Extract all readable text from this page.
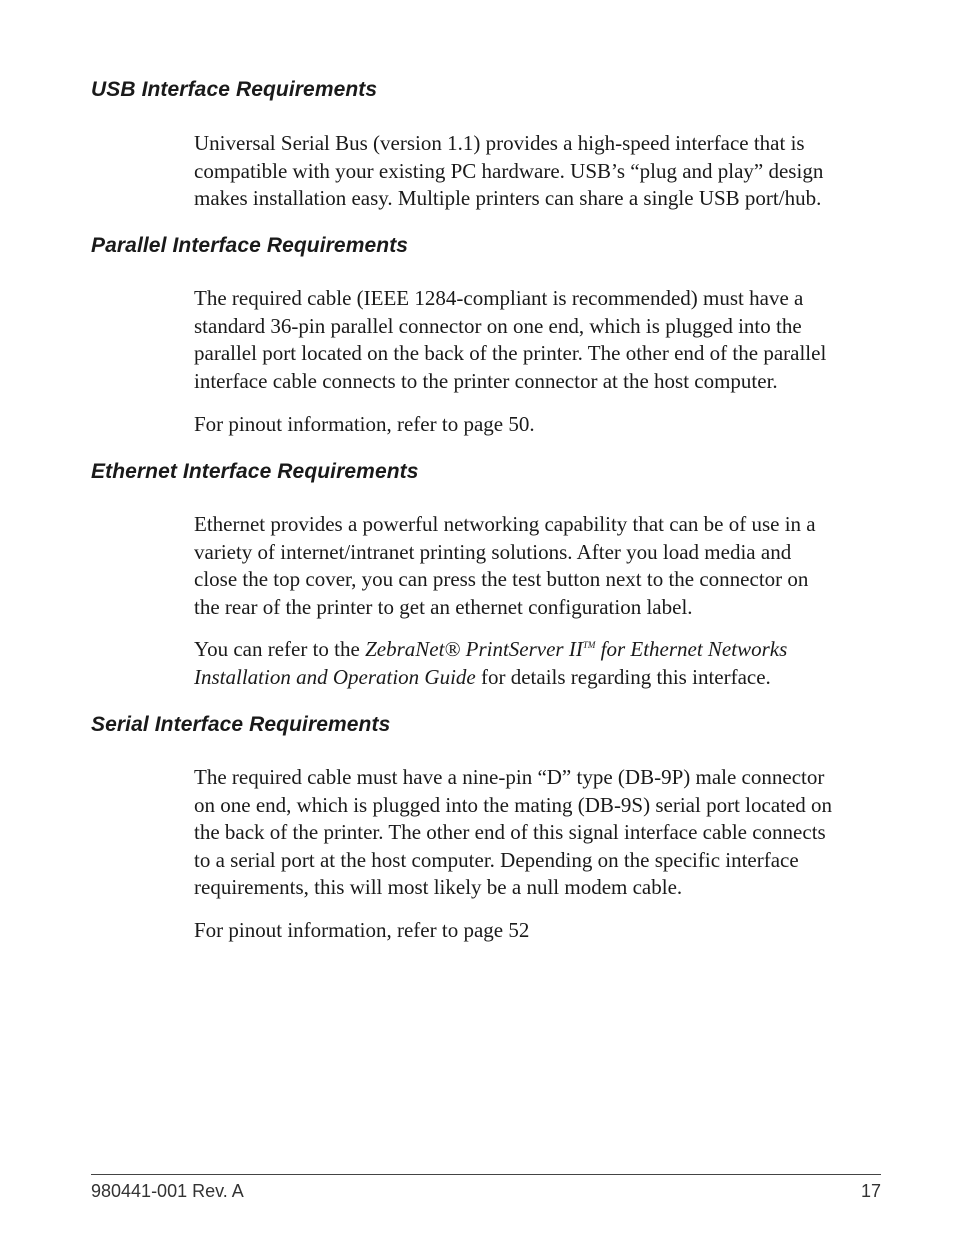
USB Interface Requirements

Universal Serial Bus (version 1.1) provides a high-speed interface that is
compatible with your existing PC hardware. USB’s “plug and play” design
makes installation easy. Multiple printers can share a single USB port/hub.

Parallel Interface Requirements

The required cable (IEEE 1284-compliant is recommended) must have a
standard 36-pin parallel connector on one end, which is plugged into the
parallel port located on the back of the printer. The other end of the parallel
interface cable connects to the printer connector at the host computer.

For pinout information, refer to page 50.

Ethernet Interface Requirements

Ethernet provides a powerful networking capability that can be of use in a
variety of internet/intranet printing solutions. After you load media and
close the top cover, you can press the test button next to the connector on
the rear of the printer to get an ethernet configuration label.

You can refer to the ZebraNet® PrintServer II™ for Ethernet Networks
Installation and Operation Guide for details regarding this interface.

Serial Interface Requirements

The required cable must have a nine-pin “D” type (DB-9P) male connector
on one end, which is plugged into the mating (DB-9S) serial port located on
the back of the printer. The other end of this signal interface cable connects
to a serial port at the host computer. Depending on the specific interface
requirements, this will most likely be a null modem cable.

For pinout information, refer to page 52

980441-001 Rev. A	17
